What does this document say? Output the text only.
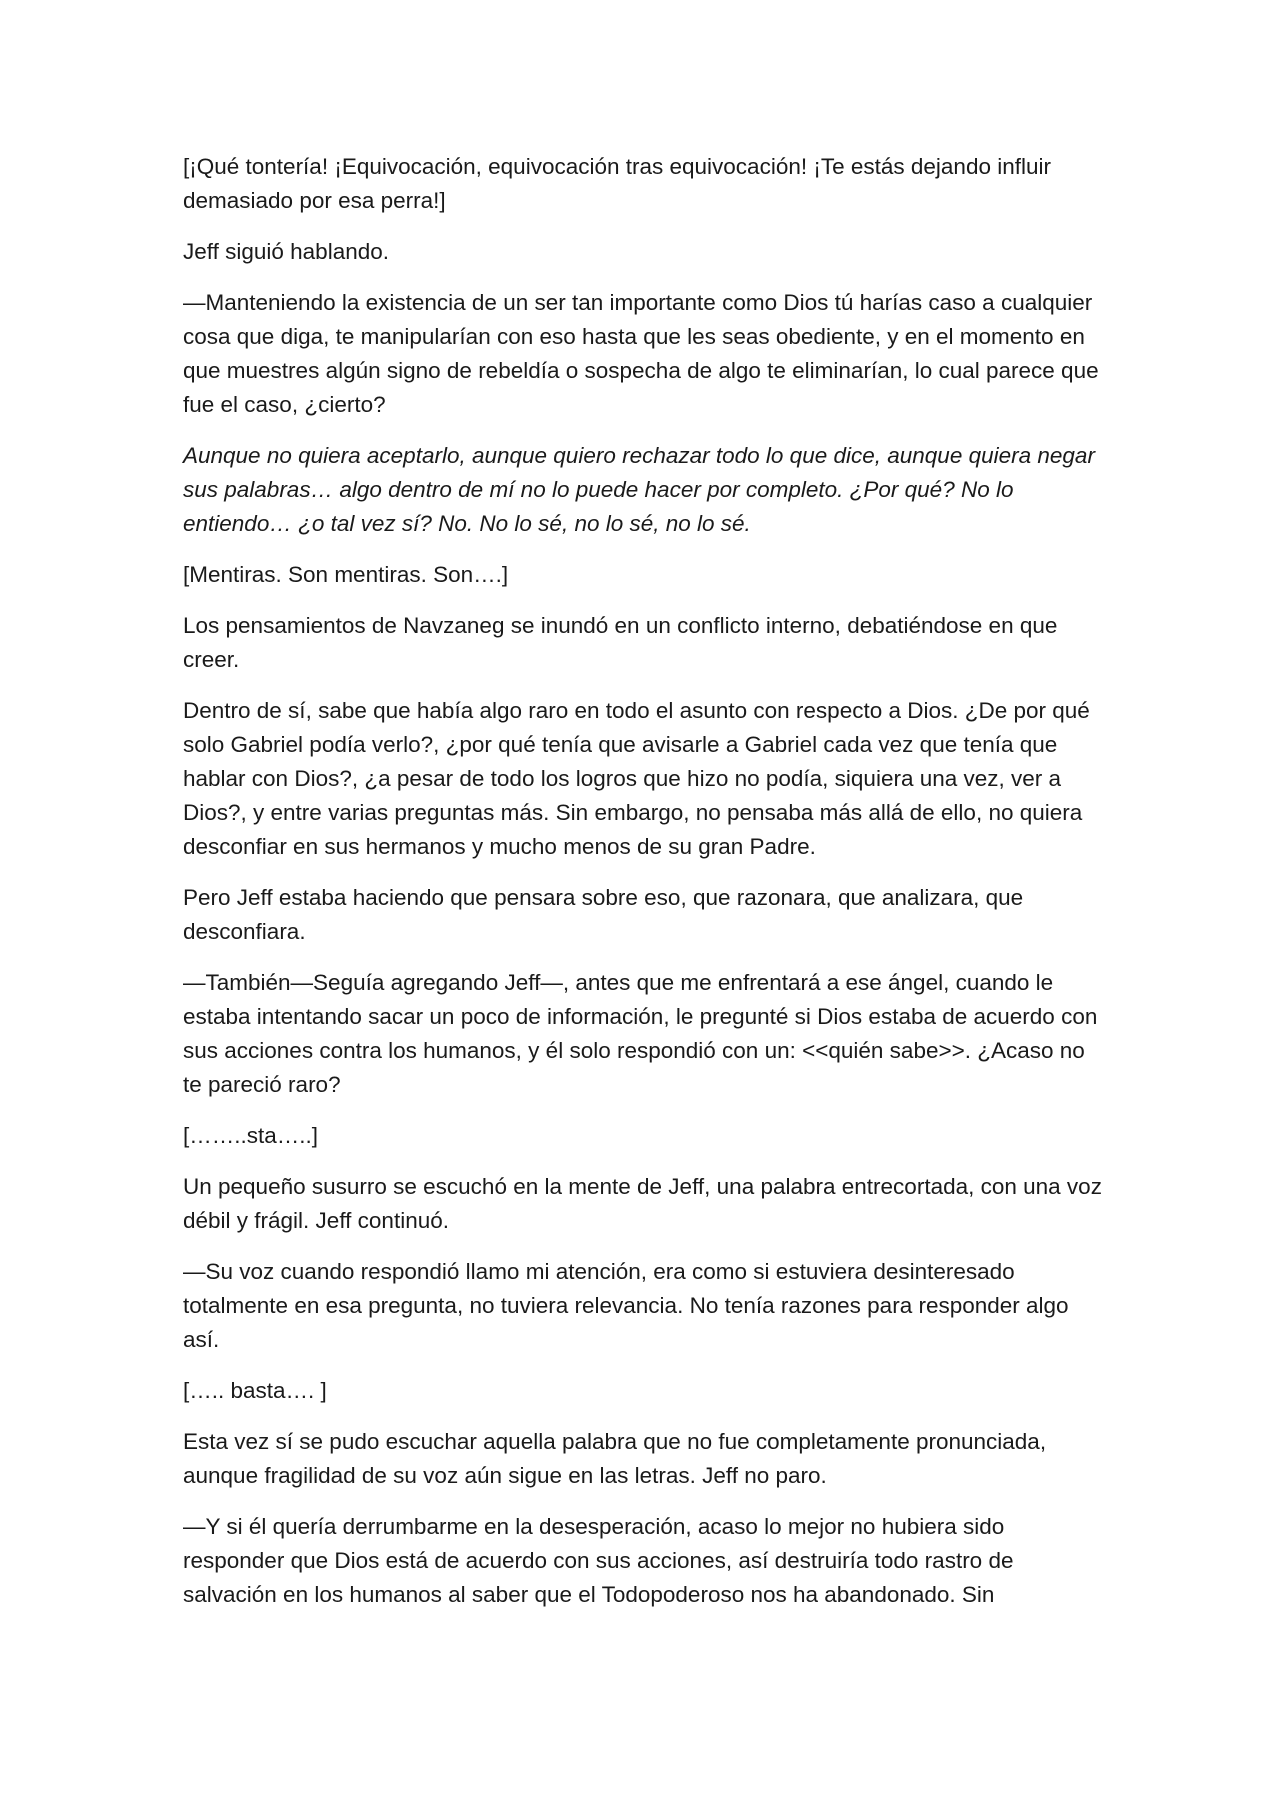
[¡Qué tontería! ¡Equivocación, equivocación tras equivocación! ¡Te estás dejando influir demasiado por esa perra!]

Jeff siguió hablando.

—Manteniendo la existencia de un ser tan importante como Dios tú harías caso a cualquier cosa que diga, te manipularían con eso hasta que les seas obediente, y en el momento en que muestres algún signo de rebeldía o sospecha de algo te eliminarían, lo cual parece que fue el caso, ¿cierto?

Aunque no quiera aceptarlo, aunque quiero rechazar todo lo que dice, aunque quiera negar sus palabras… algo dentro de mí no lo puede hacer por completo. ¿Por qué? No lo entiendo… ¿o tal vez sí? No. No lo sé, no lo sé, no lo sé.

[Mentiras. Son mentiras. Son….]

Los pensamientos de Navzaneg se inundó en un conflicto interno, debatiéndose en que creer.

Dentro de sí, sabe que había algo raro en todo el asunto con respecto a Dios. ¿De por qué solo Gabriel podía verlo?, ¿por qué tenía que avisarle a Gabriel cada vez que tenía que hablar con Dios?, ¿a pesar de todo los logros que hizo no podía, siquiera una vez, ver a Dios?, y entre varias preguntas más. Sin embargo, no pensaba más allá de ello, no quiera desconfiar en sus hermanos y mucho menos de su gran Padre.

Pero Jeff estaba haciendo que pensara sobre eso, que razonara, que analizara, que desconfiara.

—También—Seguía agregando Jeff—, antes que me enfrentará a ese ángel, cuando le estaba intentando sacar un poco de información, le pregunté si Dios estaba de acuerdo con sus acciones contra los humanos, y él solo respondió con un: <<quién sabe>>. ¿Acaso no te pareció raro?

[……..sta…..]

Un pequeño susurro se escuchó en la mente de Jeff, una palabra entrecortada, con una voz débil y frágil. Jeff continuó.

—Su voz cuando respondió llamo mi atención, era como si estuviera desinteresado totalmente en esa pregunta, no tuviera relevancia. No tenía razones para responder algo así.

[….. basta…. ]

Esta vez sí se pudo escuchar aquella palabra que no fue completamente pronunciada, aunque fragilidad de su voz aún sigue en las letras. Jeff no paro.

—Y si él quería derrumbarme en la desesperación, acaso lo mejor no hubiera sido responder que Dios está de acuerdo con sus acciones, así destruiría todo rastro de salvación en los humanos al saber que el Todopoderoso nos ha abandonado. Sin
